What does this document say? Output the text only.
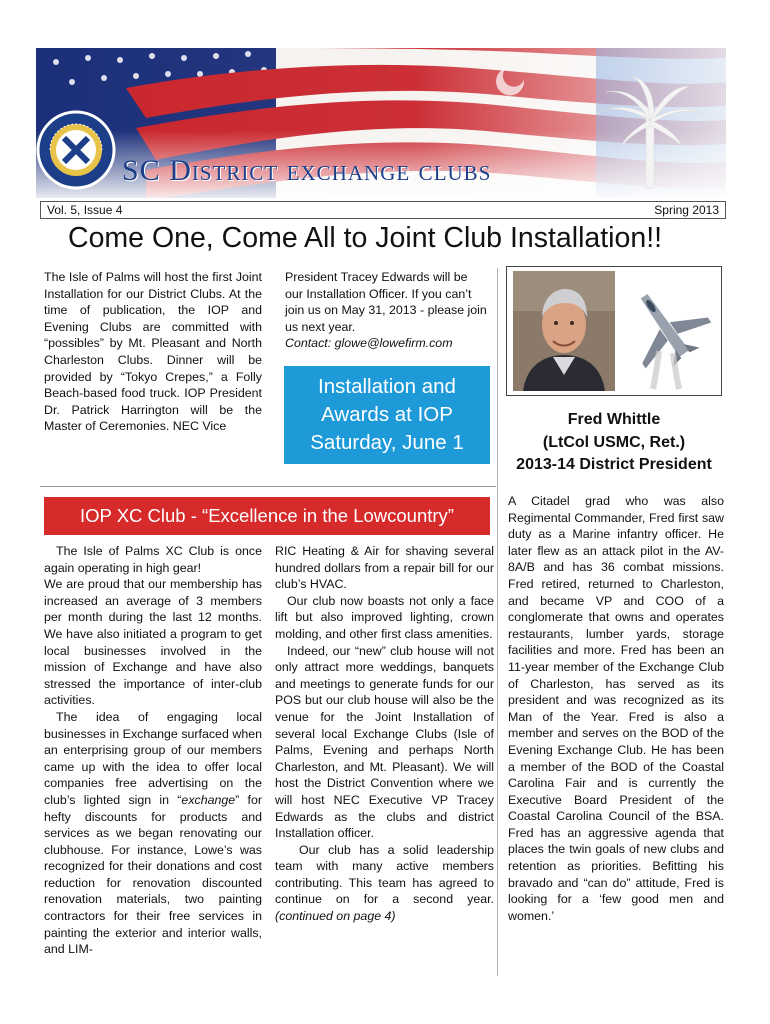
SC District exchange clubs
Vol. 5, Issue 4	Spring 2013
Come One, Come All to Joint Club Installation!!

The Isle of Palms will host the first Joint Installation for our District Clubs. At the time of publication, the IOP and Evening Clubs are committed with “possibles” by Mt. Pleasant and North Charleston Clubs. Dinner will be provided by “Tokyo Crepes,” a Folly Beach-based food truck. IOP President Dr. Patrick Harrington will be the Master of Ceremonies. NEC Vice

President Tracey Edwards will be our Installation Officer. If you can’t join us on May 31, 2013 - please join us next year.

Contact: glowe@lowefirm.com

Installation and
Awards at IOP
Saturday, June 1
IOP XC Club - “Excellence in the Lowcountry”

The Isle of Palms XC Club is once again operating in high gear!

We are proud that our membership has increased an average of 3 members per month during the last 12 months. We have also initiated a program to get local businesses involved in the mission of Exchange and have also stressed the importance of inter-club activities.

The idea of engaging local businesses in Exchange surfaced when an enterprising group of our members came up with the idea to offer local companies free advertising on the club’s lighted sign in “exchange” for hefty discounts for products and services as we began renovating our clubhouse. For instance, Lowe’s was recognized for their donations and cost reduction for renovation discounted renovation materials, two painting contractors for their free services in painting the exterior and interior walls, and LIM-

RIC Heating & Air for shaving several hundred dollars from a repair bill for our club’s HVAC.

Our club now boasts not only a face lift but also improved lighting, crown molding, and other first class amenities.

Indeed, our “new” club house will not only attract more weddings, banquets and meetings to generate funds for our POS but our club house will also be the venue for the Joint Installation of several local Exchange Clubs (Isle of Palms, Evening and perhaps North Charleston, and Mt. Pleasant). We will host the District Convention where we will host NEC Executive VP Tracey Edwards as the clubs and district Installation officer.

Our club has a solid leadership team with many active members contributing. This team has agreed to continue on for a second year. (continued on page 4)

Fred Whittle
(LtCol USMC, Ret.)
2013-14 District President

A Citadel grad who was also Regimental Commander, Fred first saw duty as a Marine infantry officer. He later flew as an attack pilot in the AV-8A/B and has 36 combat missions. Fred retired, returned to Charleston, and became VP and COO of a conglomerate that owns and operates restaurants, lumber yards, storage facilities and more. Fred has been an 11-year member of the Exchange Club of Charleston, has served as its president and was recognized as its Man of the Year. Fred is also a member and serves on the BOD of the Evening Exchange Club. He has been a member of the BOD of the Coastal Carolina Fair and is currently the Executive Board President of the Coastal Carolina Council of the BSA. Fred has an aggressive agenda that places the twin goals of new clubs and retention as priorities. Befitting his bravado and “can do” attitude, Fred is looking for a ‘few good men and women.’
